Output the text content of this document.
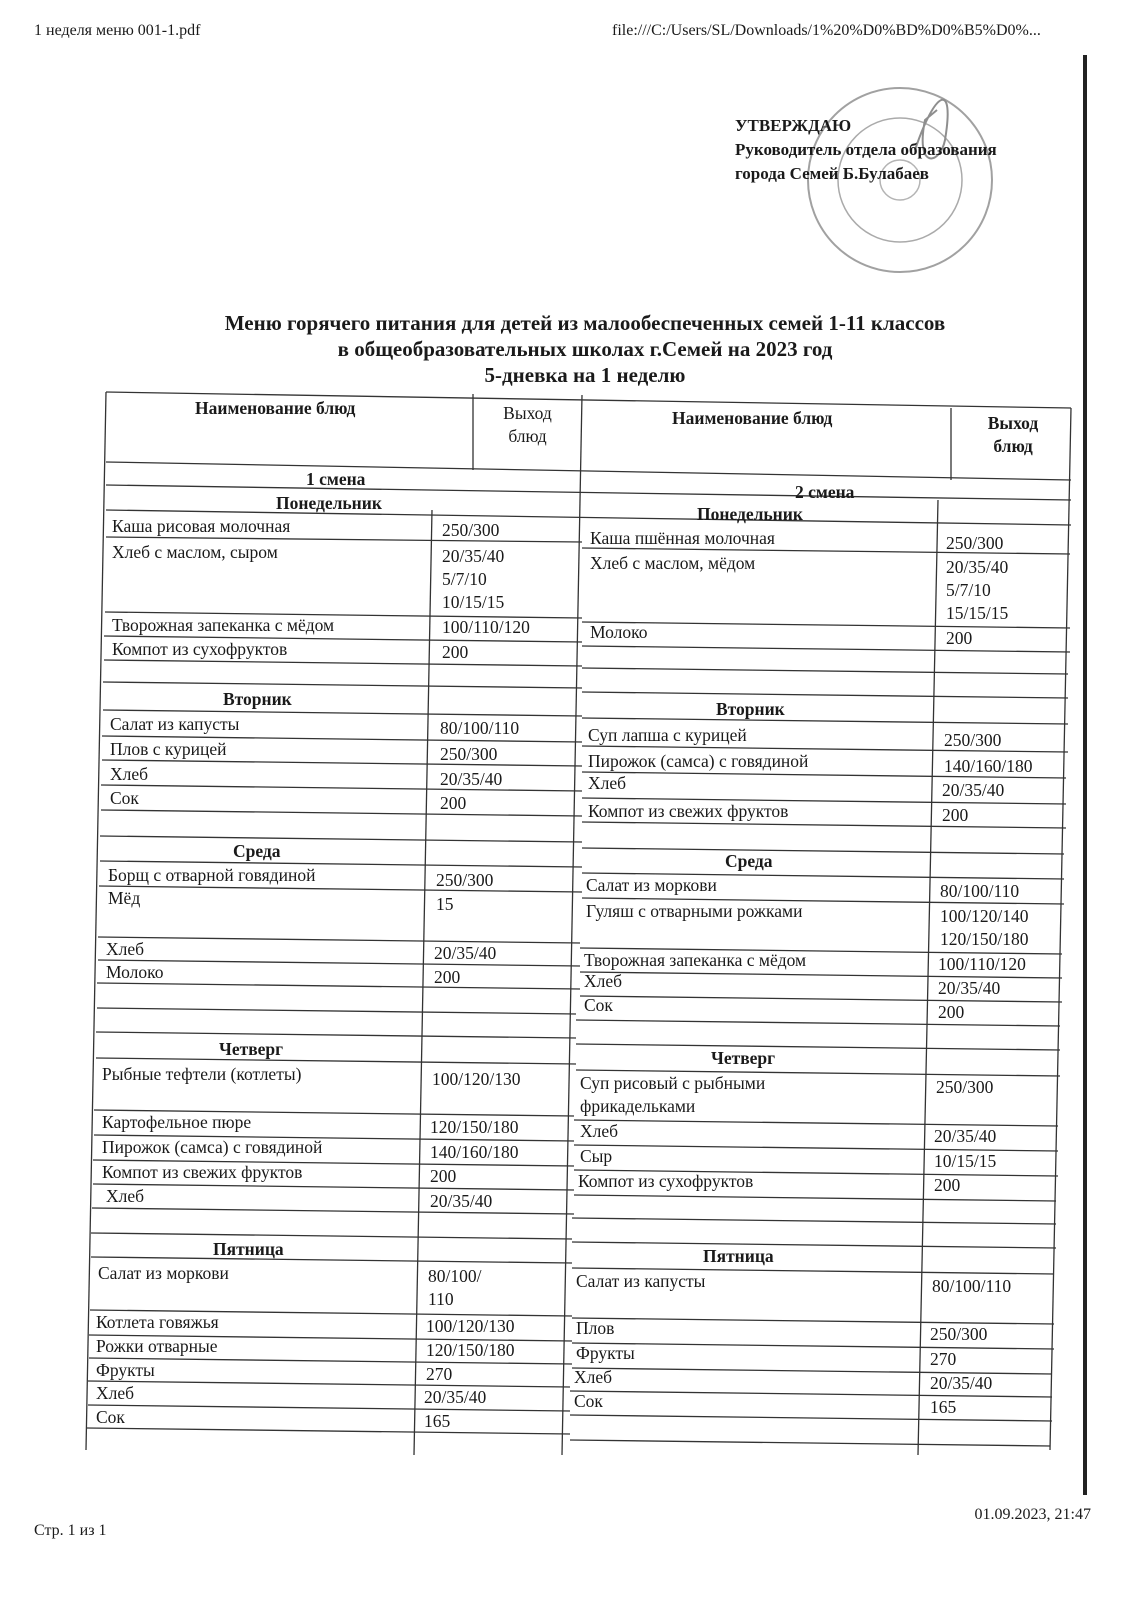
1 неделя меню 001-1.pdf	file:///C:/Users/SL/Downloads/1%20%D0%BD%D0%B5%D0%...
Стр. 1 из 1
01.09.2023, 21:47
УТВЕРЖДАЮ
Руководитель отдела образования
города Семей Б.Булабаев
Меню горячего питания для детей из малообеспеченных семей 1-11 классов
в общеобразовательных школах г.Семей на 2023 год
5-дневка на 1 неделю
Наименование блюд	Наименование блюд
Выход
блюд
Выход
блюд
1 смена
2 смена
Понедельник
Каша рисовая молочная	250/300
Хлеб с маслом, сыром	20/35/40
5/7/10
10/15/15
Творожная запеканка с мёдом	100/110/120
Компот из сухофруктов	200
Вторник
Салат из капусты	80/100/110
Плов с курицей	250/300
Хлеб	20/35/40
Сок	200
Среда
Борщ с отварной говядиной	250/300
Мёд	15
Хлеб	20/35/40
Молоко	200
Четверг
Рыбные тефтели (котлеты)	100/120/130
Картофельное пюре	120/150/180
Пирожок (самса) с говядиной	140/160/180
Компот из свежих фруктов	200
Хлеб	20/35/40
Пятница
Салат из моркови	80/100/
110
Котлета говяжья	100/120/130
Рожки отварные	120/150/180
Фрукты	270
Хлеб	20/35/40
Сок	165
Понедельник
Каша пшённая молочная	250/300
Хлеб с маслом, мёдом	20/35/40
5/7/10
15/15/15
Молоко	200
Вторник
Суп лапша с курицей	250/300
Пирожок (самса) с говядиной	140/160/180
Хлеб	20/35/40
Компот из свежих фруктов	200
Среда
Салат из моркови	80/100/110
Гуляш с отварными рожками	100/120/140
120/150/180
Творожная запеканка с мёдом	100/110/120
Хлеб	20/35/40
Сок	200
Четверг
Суп рисовый с рыбными
фрикадельками
250/300
Хлеб	20/35/40
Сыр	10/15/15
Компот из сухофруктов	200
Пятница
Салат из капусты	80/100/110
Плов	250/300
Фрукты	270
Хлеб	20/35/40
Сок	165
